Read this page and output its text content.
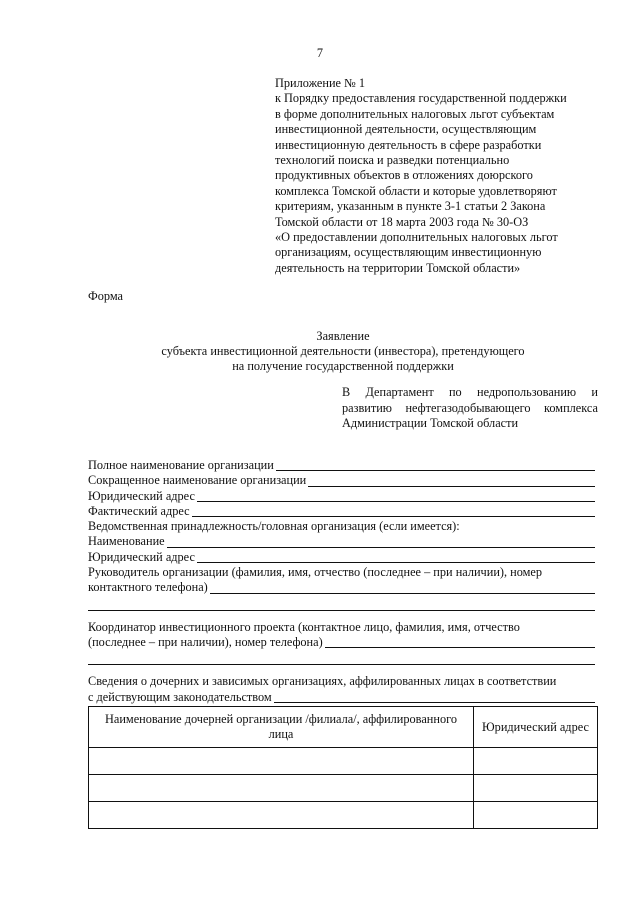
7
Приложение № 1
к Порядку предоставления государственной поддержки
в форме дополнительных налоговых льгот субъектам
инвестиционной деятельности, осуществляющим
инвестиционную деятельность в сфере разработки
технологий поиска и разведки потенциально
продуктивных объектов в отложениях доюрского
комплекса Томской области и которые удовлетворяют
критериям, указанным в пункте 3-1 статьи 2 Закона
Томской области от 18 марта 2003 года № 30-ОЗ
«О предоставлении дополнительных налоговых льгот
организациям, осуществляющим инвестиционную
деятельность на территории Томской области»
Форма
Заявление
субъекта инвестиционной деятельности (инвестора), претендующего
на получение государственной поддержки
В Департамент по недропользованию и развитию нефтегазодобывающего комплекса Администрации Томской области
Полное наименование организации
Сокращенное наименование организации
Юридический адрес
Фактический адрес
Ведомственная принадлежность/головная организация (если имеется):
Наименование
Юридический адрес
Руководитель организации (фамилия, имя, отчество (последнее – при наличии), номер
контактного телефона)
Координатор инвестиционного проекта (контактное лицо, фамилия, имя, отчество
(последнее – при наличии), номер телефона)
Сведения о дочерних и зависимых организациях, аффилированных лицах в соответствии
с действующим законодательством
Наименование дочерней организации /филиала/, аффилированного лица	Юридический адрес
